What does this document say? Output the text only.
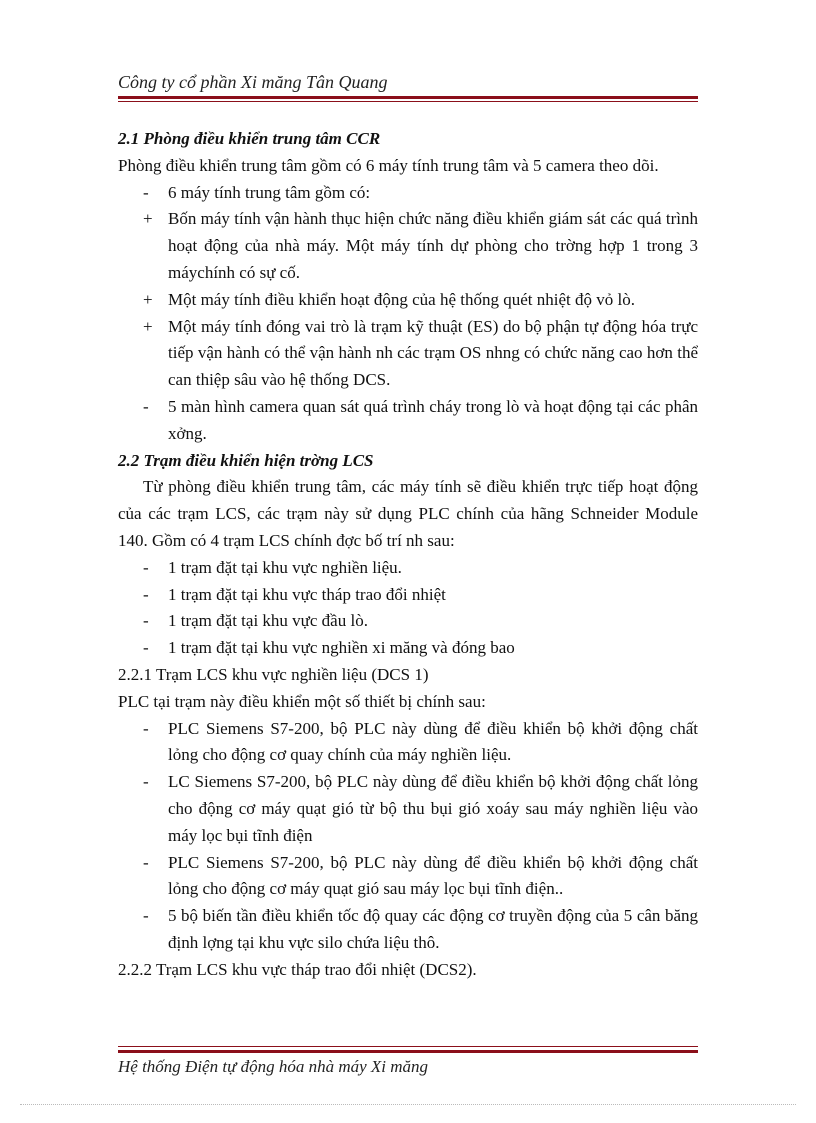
Công ty cổ phần Xi măng Tân Quang

2.1 Phòng điều khiển trung tâm CCR

Phòng điều khiển trung tâm gồm có 6 máy tính trung tâm và 5 camera theo dõi.

-	6 máy tính trung tâm gồm có:
+ Bốn máy tính vận hành thục hiện chức năng điều khiển giám sát các quá trình hoạt động của nhà máy. Một máy tính dự phòng cho trờng hợp 1 trong 3 máychính có sự cố.
+ Một máy tính điều khiển hoạt động của hệ thống quét nhiệt độ vỏ lò.
+ Một máy tính đóng vai trò là trạm kỹ thuật (ES) do bộ phận tự động hóa trực tiếp vận hành có thể vận hành nh các trạm OS nhng có chức năng cao hơn thể can thiệp sâu vào hệ thống DCS.
-	5 màn hình camera quan sát quá trình cháy trong lò và hoạt động tại các phân xởng.

2.2 Trạm điều khiển hiện trờng LCS

Từ phòng điều khiển trung tâm, các máy tính sẽ điều khiển trực tiếp hoạt động của các trạm LCS, các trạm này sử dụng PLC chính của hãng Schneider Module 140. Gồm có 4 trạm LCS chính đợc bố trí nh sau:

-	1 trạm đặt tại khu vực nghiền liệu.
-	1 trạm đặt tại khu vực tháp trao đổi nhiệt
-	1 trạm đặt tại khu vực đầu lò.
-	1 trạm đặt tại khu vực nghiền xi măng và đóng bao

2.2.1 Trạm LCS khu vực nghiền liệu (DCS 1)

PLC tại trạm này điều khiển một số thiết bị chính sau:

-	PLC Siemens S7-200, bộ PLC này dùng để điều khiển bộ khởi động chất lỏng cho động cơ quay chính của máy nghiền liệu.
-	LC Siemens S7-200, bộ PLC này dùng để điều khiển bộ khởi động chất lỏng cho động cơ máy quạt gió từ bộ thu bụi gió xoáy sau máy nghiền liệu vào máy lọc bụi tĩnh điện
-	PLC Siemens S7-200, bộ PLC này dùng để điều khiển bộ khởi động chất lỏng cho động cơ máy quạt gió sau máy lọc bụi tĩnh điện..
-	5 bộ biến tần điều khiển tốc độ quay các động cơ truyền động của 5 cân băng định lợng tại khu vực silo chứa liệu thô.

2.2.2 Trạm LCS khu vực tháp trao đổi nhiệt (DCS2).

Hệ thống Điện tự động hóa nhà máy Xi măng
